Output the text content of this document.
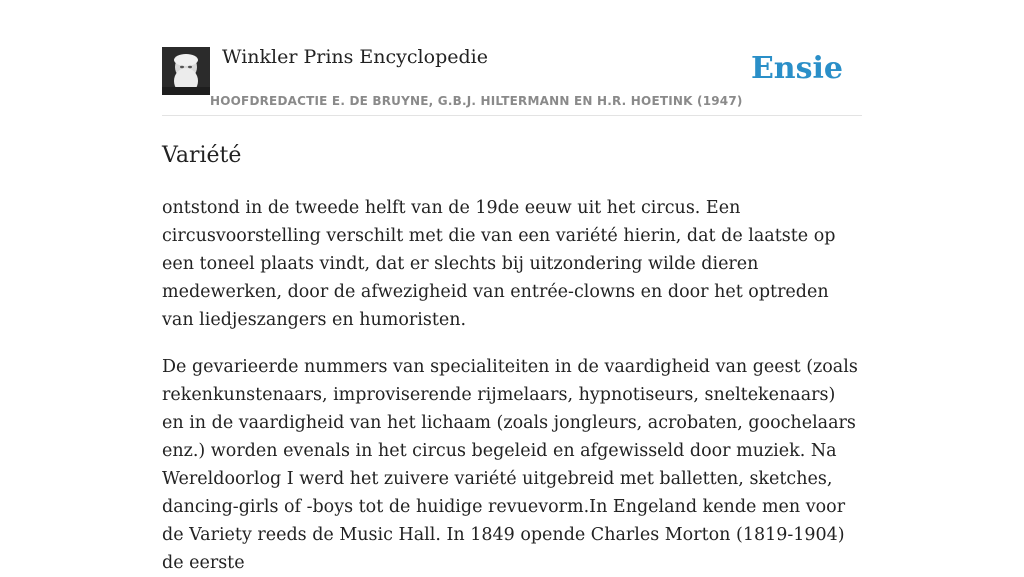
Winkler Prins Encyclopedie
HOOFDREDACTIE E. DE BRUYNE, G.B.J. HILTERMANN EN H.R. HOETINK (1947)
Ensie
Variété

ontstond in de tweede helft van de 19de eeuw uit het circus. Een circusvoorstelling verschilt met die van een variété hierin, dat de laatste op een toneel plaats vindt, dat er slechts bij uitzondering wilde dieren medewerken, door de afwezigheid van entrée-clowns en door het optreden van liedjeszangers en humoristen.

De gevarieerde nummers van specialiteiten in de vaardigheid van geest (zoals rekenkunstenaars, improviserende rijmelaars, hypnotiseurs, sneltekenaars) en in de vaardigheid van het lichaam (zoals jongleurs, acrobaten, goochelaars enz.) worden evenals in het circus begeleid en afgewisseld door muziek. Na Wereldoorlog I werd het zuivere variété uitgebreid met balletten, sketches, dancing-girls of -boys tot de huidige revuevorm.In Engeland kende men voor de Variety reeds de Music Hall. In 1849 opende Charles Morton (1819-1904) de eerste
